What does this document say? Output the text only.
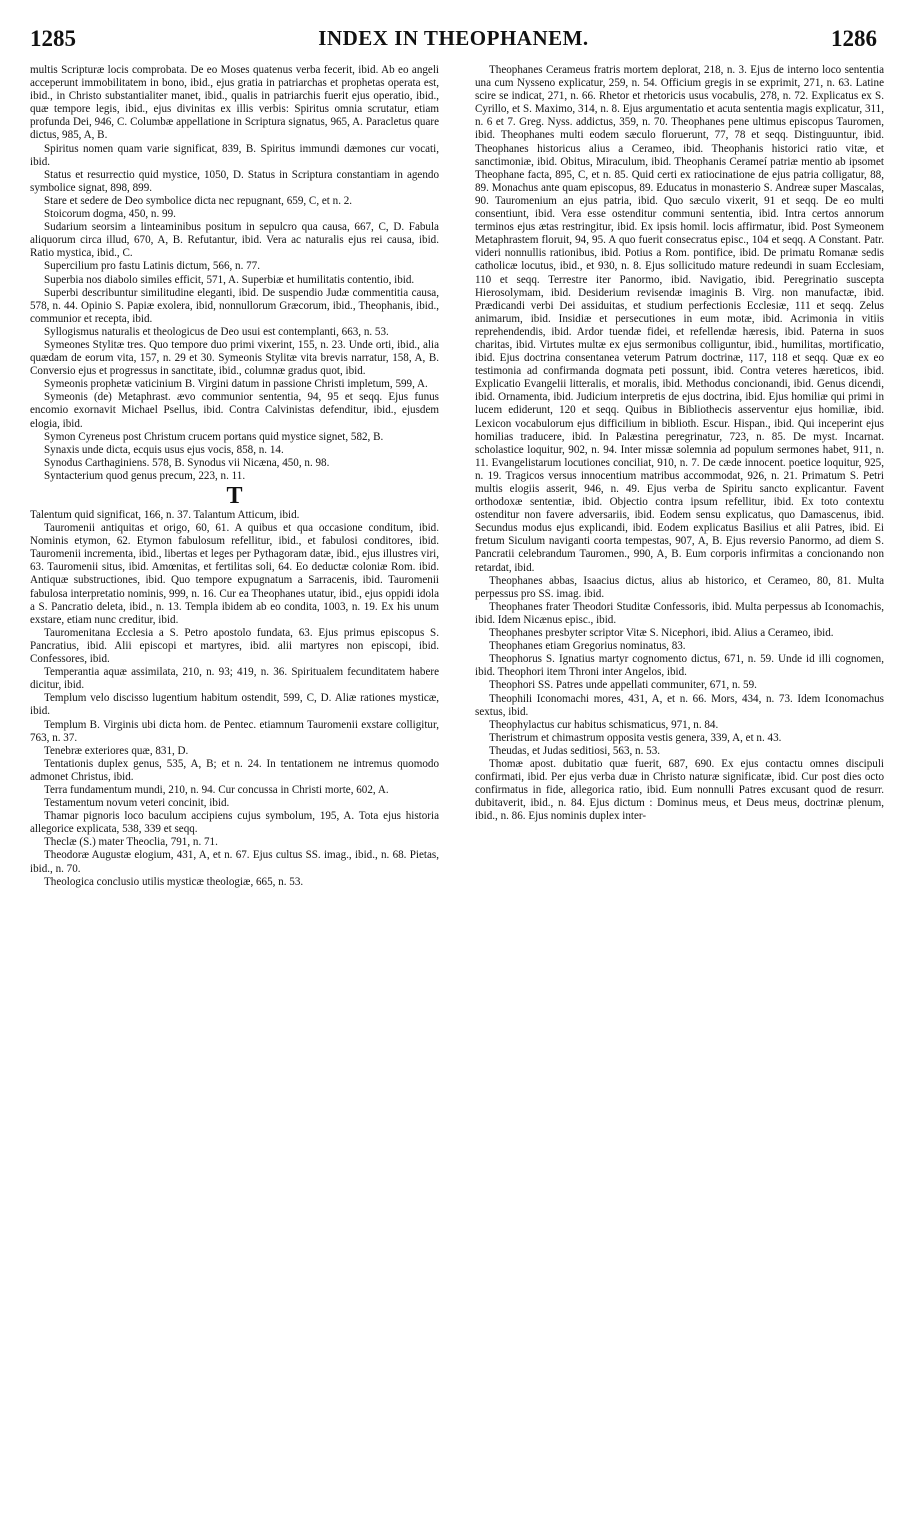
1285	INDEX IN THEOPHANEM.	1286

multis Scripturæ locis comprobata. De eo Moses quatenus verba fecerit, ibid. Ab eo angeli acceperunt immobilitatem in bono, ibid., ejus gratia in patriarchas et prophetas operata est, ibid., in Christo substantialiter manet, ibid., qualis in patriarchis fuerit ejus operatio, ibid., quæ tempore legis, ibid., ejus divinitas ex illis verbis: Spiritus omnia scrutatur, etiam profunda Dei, 946, C. Columbæ appellatione in Scriptura signatus, 965, A. Paracletus quare dictus, 985, A, B.

Spiritus nomen quam varie significat, 839, B. Spiritus immundi dæmones cur vocati, ibid.

Status et resurrectio quid mystice, 1050, D. Status in Scriptura constantiam in agendo symbolice signat, 898, 899.

Stare et sedere de Deo symbolice dicta nec repugnant, 659, C, et n. 2.

Stoicorum dogma, 450, n. 99.

Sudarium seorsim a linteaminibus positum in sepulcro qua causa, 667, C, D. Fabula aliquorum circa illud, 670, A, B. Refutantur, ibid. Vera ac naturalis ejus rei causa, ibid. Ratio mystica, ibid., C.

Supercilium pro fastu Latinis dictum, 566, n. 77.

Superbia nos diabolo similes efficit, 571, A. Superbiæ et humilitatis contentio, ibid.

Superbi describuntur similitudine eleganti, ibid. De suspendio Judæ commentitia causa, 578, n. 44. Opinio S. Papiæ exolera, ibid, nonnullorum Græcorum, ibid., Theophanis, ibid., communior et recepta, ibid.

Syllogismus naturalis et theologicus de Deo usui est contemplanti, 663, n. 53.

Symeones Stylitæ tres. Quo tempore duo primi vixerint, 155, n. 23. Unde orti, ibid., alia quædam de eorum vita, 157, n. 29 et 30. Symeonis Stylitæ vita brevis narratur, 158, A, B. Conversio ejus et progressus in sanctitate, ibid., columnæ gradus quot, ibid.

Symeonis prophetæ vaticinium B. Virgini datum in passione Christi impletum, 599, A.

Symeonis (de) Metaphrast. ævo communior sententia, 94, 95 et seqq. Ejus funus encomio exornavit Michael Psellus, ibid. Contra Calvinistas defenditur, ibid., ejusdem elogia, ibid.

Symon Cyreneus post Christum crucem portans quid mystice signet, 582, B.

Synaxis unde dicta, ecquis usus ejus vocis, 858, n. 14.

Synodus Carthaginiens. 578, B. Synodus vii Nicæna, 450, n. 98.

Syntacterium quod genus precum, 223, n. 11.

T

Talentum quid significat, 166, n. 37. Talantum Atticum, ibid.

Tauromenii antiquitas et origo, 60, 61. A quibus et qua occasione conditum, ibid. Nominis etymon, 62. Etymon fabulosum refellitur, ibid., et fabulosi conditores, ibid. Tauromenii incrementa, ibid., libertas et leges per Pythagoram datæ, ibid., ejus illustres viri, 63. Tauromenii situs, ibid. Amœnitas, et fertilitas soli, 64. Eo deductæ coloniæ Rom. ibid. Antiquæ substructiones, ibid. Quo tempore expugnatum a Sarracenis, ibid. Tauromenii fabulosa interpretatio nominis, 999, n. 16. Cur ea Theophanes utatur, ibid., ejus oppidi idola a S. Pancratio deleta, ibid., n. 13. Templa ibidem ab eo condita, 1003, n. 19. Ex his unum exstare, etiam nunc creditur, ibid.

Tauromenitana Ecclesia a S. Petro apostolo fundata, 63. Ejus primus episcopus S. Pancratius, ibid. Alii episcopi et martyres, ibid. alii martyres non episcopi, ibid. Confessores, ibid.

Temperantia aquæ assimilata, 210, n. 93; 419, n. 36. Spiritualem fecunditatem habere dicitur, ibid.

Templum velo discisso lugentium habitum ostendit, 599, C, D. Aliæ rationes mysticæ, ibid.

Templum B. Virginis ubi dicta hom. de Pentec. etiamnum Tauromenii exstare colligitur, 763, n. 37.

Tenebræ exteriores quæ, 831, D.

Tentationis duplex genus, 535, A, B; et n. 24. In tentationem ne intremus quomodo admonet Christus, ibid.

Terra fundamentum mundi, 210, n. 94. Cur concussa in Christi morte, 602, A.

Testamentum novum veteri concinit, ibid.

Thamar pignoris loco baculum accipiens cujus symbolum, 195, A. Tota ejus historia allegorice explicata, 538, 339 et seqq.

Theclæ (S.) mater Theoclia, 791, n. 71.

Theodoræ Augustæ elogium, 431, A, et n. 67. Ejus cultus SS. imag., ibid., n. 68. Pietas, ibid., n. 70.

Theologica conclusio utilis mysticæ theologiæ, 665, n. 53.

Theophanes Cerameus fratris mortem deplorat, 218, n. 3. Ejus de interno loco sententia una cum Nysseno explicatur, 259, n. 54. Officium gregis in se exprimit, 271, n. 63. Latine scire se indicat, 271, n. 66. Rhetor et rhetoricis usus vocabulis, 278, n. 72. Explicatus ex S. Cyrillo, et S. Maximo, 314, n. 8. Ejus argumentatio et acuta sententia magis explicatur, 311, n. 6 et 7. Greg. Nyss. addictus, 359, n. 70. Theophanes pene ultimus episcopus Tauromen, ibid. Theophanes multi eodem sæculo floruerunt, 77, 78 et seqq. Distinguuntur, ibid. Theophanes historicus alius a Cerameo, ibid. Theophanis historici ratio vitæ, et sanctimoniæ, ibid. Obitus, Miraculum, ibid. Theophanis Cerameí patriæ mentio ab ipsomet Theophane facta, 895, C, et n. 85. Quid certi ex ratiocinatione de ejus patria colligatur, 88, 89. Monachus ante quam episcopus, 89. Educatus in monasterio S. Andreæ super Mascalas, 90. Tauromenium an ejus patria, ibid. Quo sæculo vixerit, 91 et seqq. De eo multi consentiunt, ibid. Vera esse ostenditur communi sententia, ibid. Intra certos annorum terminos ejus ætas restringitur, ibid. Ex ipsis homil. locis affirmatur, ibid. Post Symeonem Metaphrastem floruit, 94, 95. A quo fuerit consecratus episc., 104 et seqq. A Constant. Patr. videri nonnullis rationibus, ibid. Potius a Rom. pontifice, ibid. De primatu Romanæ sedis catholicæ locutus, ibid., et 930, n. 8. Ejus sollicitudo mature redeundi in suam Ecclesiam, 110 et seqq. Terrestre iter Panormo, ibid. Navigatio, ibid. Peregrinatio suscepta Hierosolymam, ibid. Desiderium revisendæ imaginis B. Virg. non manufactæ, ibid. Prædicandi verbi Dei assiduitas, et studium perfectionis Ecclesiæ, 111 et seqq. Zelus animarum, ibid. Insidiæ et persecutiones in eum motæ, ibid. Acrimonia in vitiis reprehendendis, ibid. Ardor tuendæ fidei, et refellendæ hæresis, ibid. Paterna in suos charitas, ibid. Virtutes multæ ex ejus sermonibus colliguntur, ibid., humilitas, mortificatio, ibid. Ejus doctrina consentanea veterum Patrum doctrinæ, 117, 118 et seqq. Quæ ex eo testimonia ad confirmanda dogmata peti possunt, ibid. Contra veteres hæreticos, ibid. Explicatio Evangelii litteralis, et moralis, ibid. Methodus concionandi, ibid. Genus dicendi, ibid. Ornamenta, ibid. Judicium interpretis de ejus doctrina, ibid. Ejus homiliæ qui primi in lucem ediderunt, 120 et seqq. Quibus in Bibliothecis asserventur ejus homiliæ, ibid. Lexicon vocabulorum ejus difficilium in biblioth. Escur. Hispan., ibid. Qui inceperint ejus homilias traducere, ibid. In Palæstina peregrinatur, 723, n. 85. De myst. Incarnat. scholastice loquitur, 902, n. 94. Inter missæ solemnia ad populum sermones habet, 911, n. 11. Evangelistarum locutiones conciliat, 910, n. 7. De cæde innocent. poetice loquitur, 925, n. 19. Tragicos versus innocentium matribus accommodat, 926, n. 21. Primatum S. Petri multis elogiis asserit, 946, n. 49. Ejus verba de Spiritu sancto explicantur. Favent orthodoxæ sententiæ, ibid. Objectio contra ipsum refellitur, ibid. Ex toto contextu ostenditur non favere adversariis, ibid. Eodem sensu explicatus, quo Damascenus, ibid. Secundus modus ejus explicandi, ibid. Eodem explicatus Basilius et alii Patres, ibid. Ei fretum Siculum naviganti coorta tempestas, 907, A, B. Ejus reversio Panormo, ad diem S. Pancratii celebrandum Tauromen., 990, A, B. Eum corporis infirmitas a concionando non retardat, ibid.

Theophanes abbas, Isaacius dictus, alius ab historico, et Cerameo, 80, 81. Multa perpessus pro SS. imag. ibid.

Theophanes frater Theodori Studitæ Confessoris, ibid. Multa perpessus ab Iconomachis, ibid. Idem Nicænus episc., ibid.

Theophanes presbyter scriptor Vitæ S. Nicephori, ibid. Alius a Cerameo, ibid.

Theophanes etiam Gregorius nominatus, 83.

Theophorus S. Ignatius martyr cognomento dictus, 671, n. 59. Unde id illi cognomen, ibid. Theophori item Throni inter Angelos, ibid.

Theophori SS. Patres unde appellati communiter, 671, n. 59.

Theophili Iconomachi mores, 431, A, et n. 66. Mors, 434, n. 73. Idem Iconomachus sextus, ibid.

Theophylactus cur habitus schismaticus, 971, n. 84.

Theristrum et chimastrum opposita vestis genera, 339, A, et n. 43.

Theudas, et Judas seditiosi, 563, n. 53.

Thomæ apost. dubitatio quæ fuerit, 687, 690. Ex ejus contactu omnes discipuli confirmati, ibid. Per ejus verba duæ in Christo naturæ significatæ, ibid. Cur post dies octo confirmatus in fide, allegorica ratio, ibid. Eum nonnulli Patres excusant quod de resurr. dubitaverit, ibid., n. 84. Ejus dictum : Dominus meus, et Deus meus, doctrinæ plenum, ibid., n. 86. Ejus nominis duplex inter-
